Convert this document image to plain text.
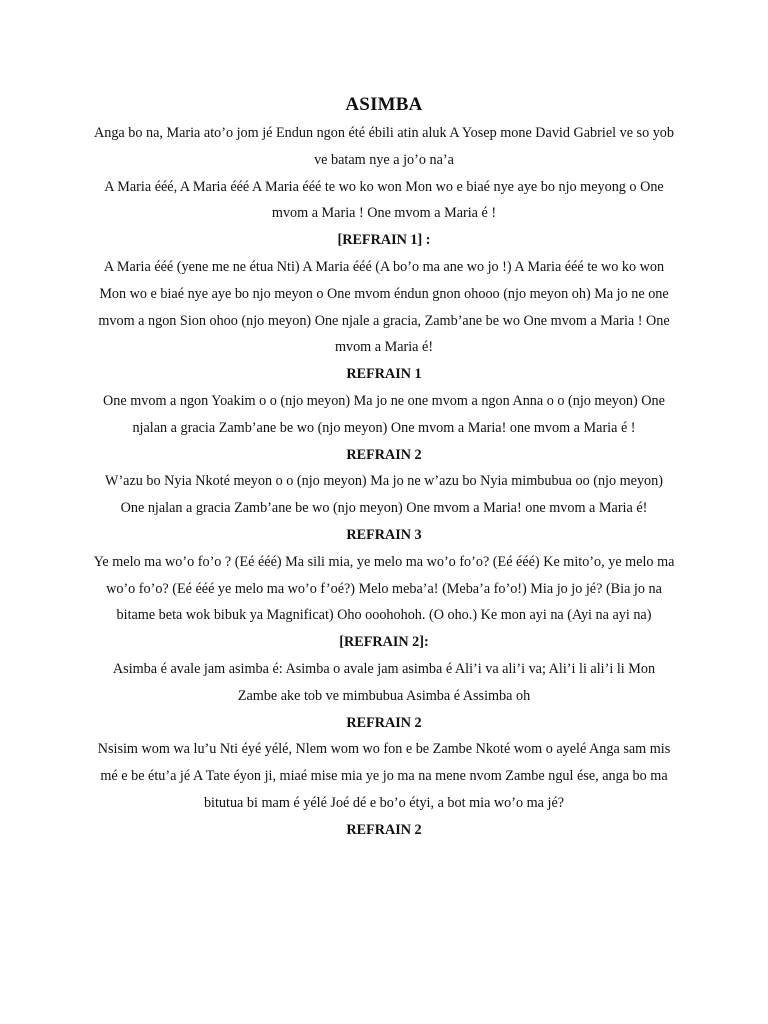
ASIMBA
Anga bo na, Maria ato’o jom jé Endun ngon été ébili atin aluk A Yosep mone David Gabriel ve so yob ve batam nye a jo’o na’a
A Maria ééé, A Maria ééé A Maria ééé te wo ko won Mon wo e biaé nye aye bo njo meyong o One mvom a Maria ! One mvom a Maria é !
[REFRAIN 1] :
A Maria ééé (yene me ne étua Nti) A Maria ééé (A bo’o ma ane wo jo !) A Maria ééé te wo ko won Mon wo e biaé nye aye bo njo meyon o One mvom éndun gnon ohooo (njo meyon oh) Ma jo ne one mvom a ngon Sion ohoo (njo meyon) One njale a gracia, Zamb’ane be wo One mvom a Maria ! One mvom a Maria é!
REFRAIN 1
One mvom a ngon Yoakim o o (njo meyon) Ma jo ne one mvom a ngon Anna o o (njo meyon) One njalan a gracia Zamb’ane be wo (njo meyon) One mvom a Maria! one mvom a Maria é !
REFRAIN 2
W’azu bo Nyia Nkoté meyon o o (njo meyon) Ma jo ne w’azu bo Nyia mimbubua oo (njo meyon) One njalan a gracia Zamb’ane be wo (njo meyon) One mvom a Maria! one mvom a Maria é!
REFRAIN 3
Ye melo ma wo’o fo’o ? (Eé ééé) Ma sili mia, ye melo ma wo’o fo’o? (Eé ééé) Ke mito’o, ye melo ma wo’o fo’o? (Eé ééé ye melo ma wo’o f’oé?) Melo meba’a! (Meba’a fo’o!) Mia jo jo jé? (Bia jo na bitame beta wok bibuk ya Magnificat) Oho ooohohoh. (O oho.) Ke mon ayi na (Ayi na ayi na)
[REFRAIN 2]:
Asimba é avale jam asimba é: Asimba o avale jam asimba é Ali’i va ali’i va; Ali’i li ali’i li Mon Zambe ake tob ve mimbubua Asimba é Assimba oh
REFRAIN 2
Nsisim wom wa lu’u Nti éyé yélé, Nlem wom wo fon e be Zambe Nkoté wom o ayelé Anga sam mis mé e be étu’a jé A Tate éyon ji, miaé mise mia ye jo ma na mene nvom Zambe ngul ése, anga bo ma bitutua bi mam é yélé Joé dé e bo’o étyi, a bot mia wo’o ma jé?
REFRAIN 2
